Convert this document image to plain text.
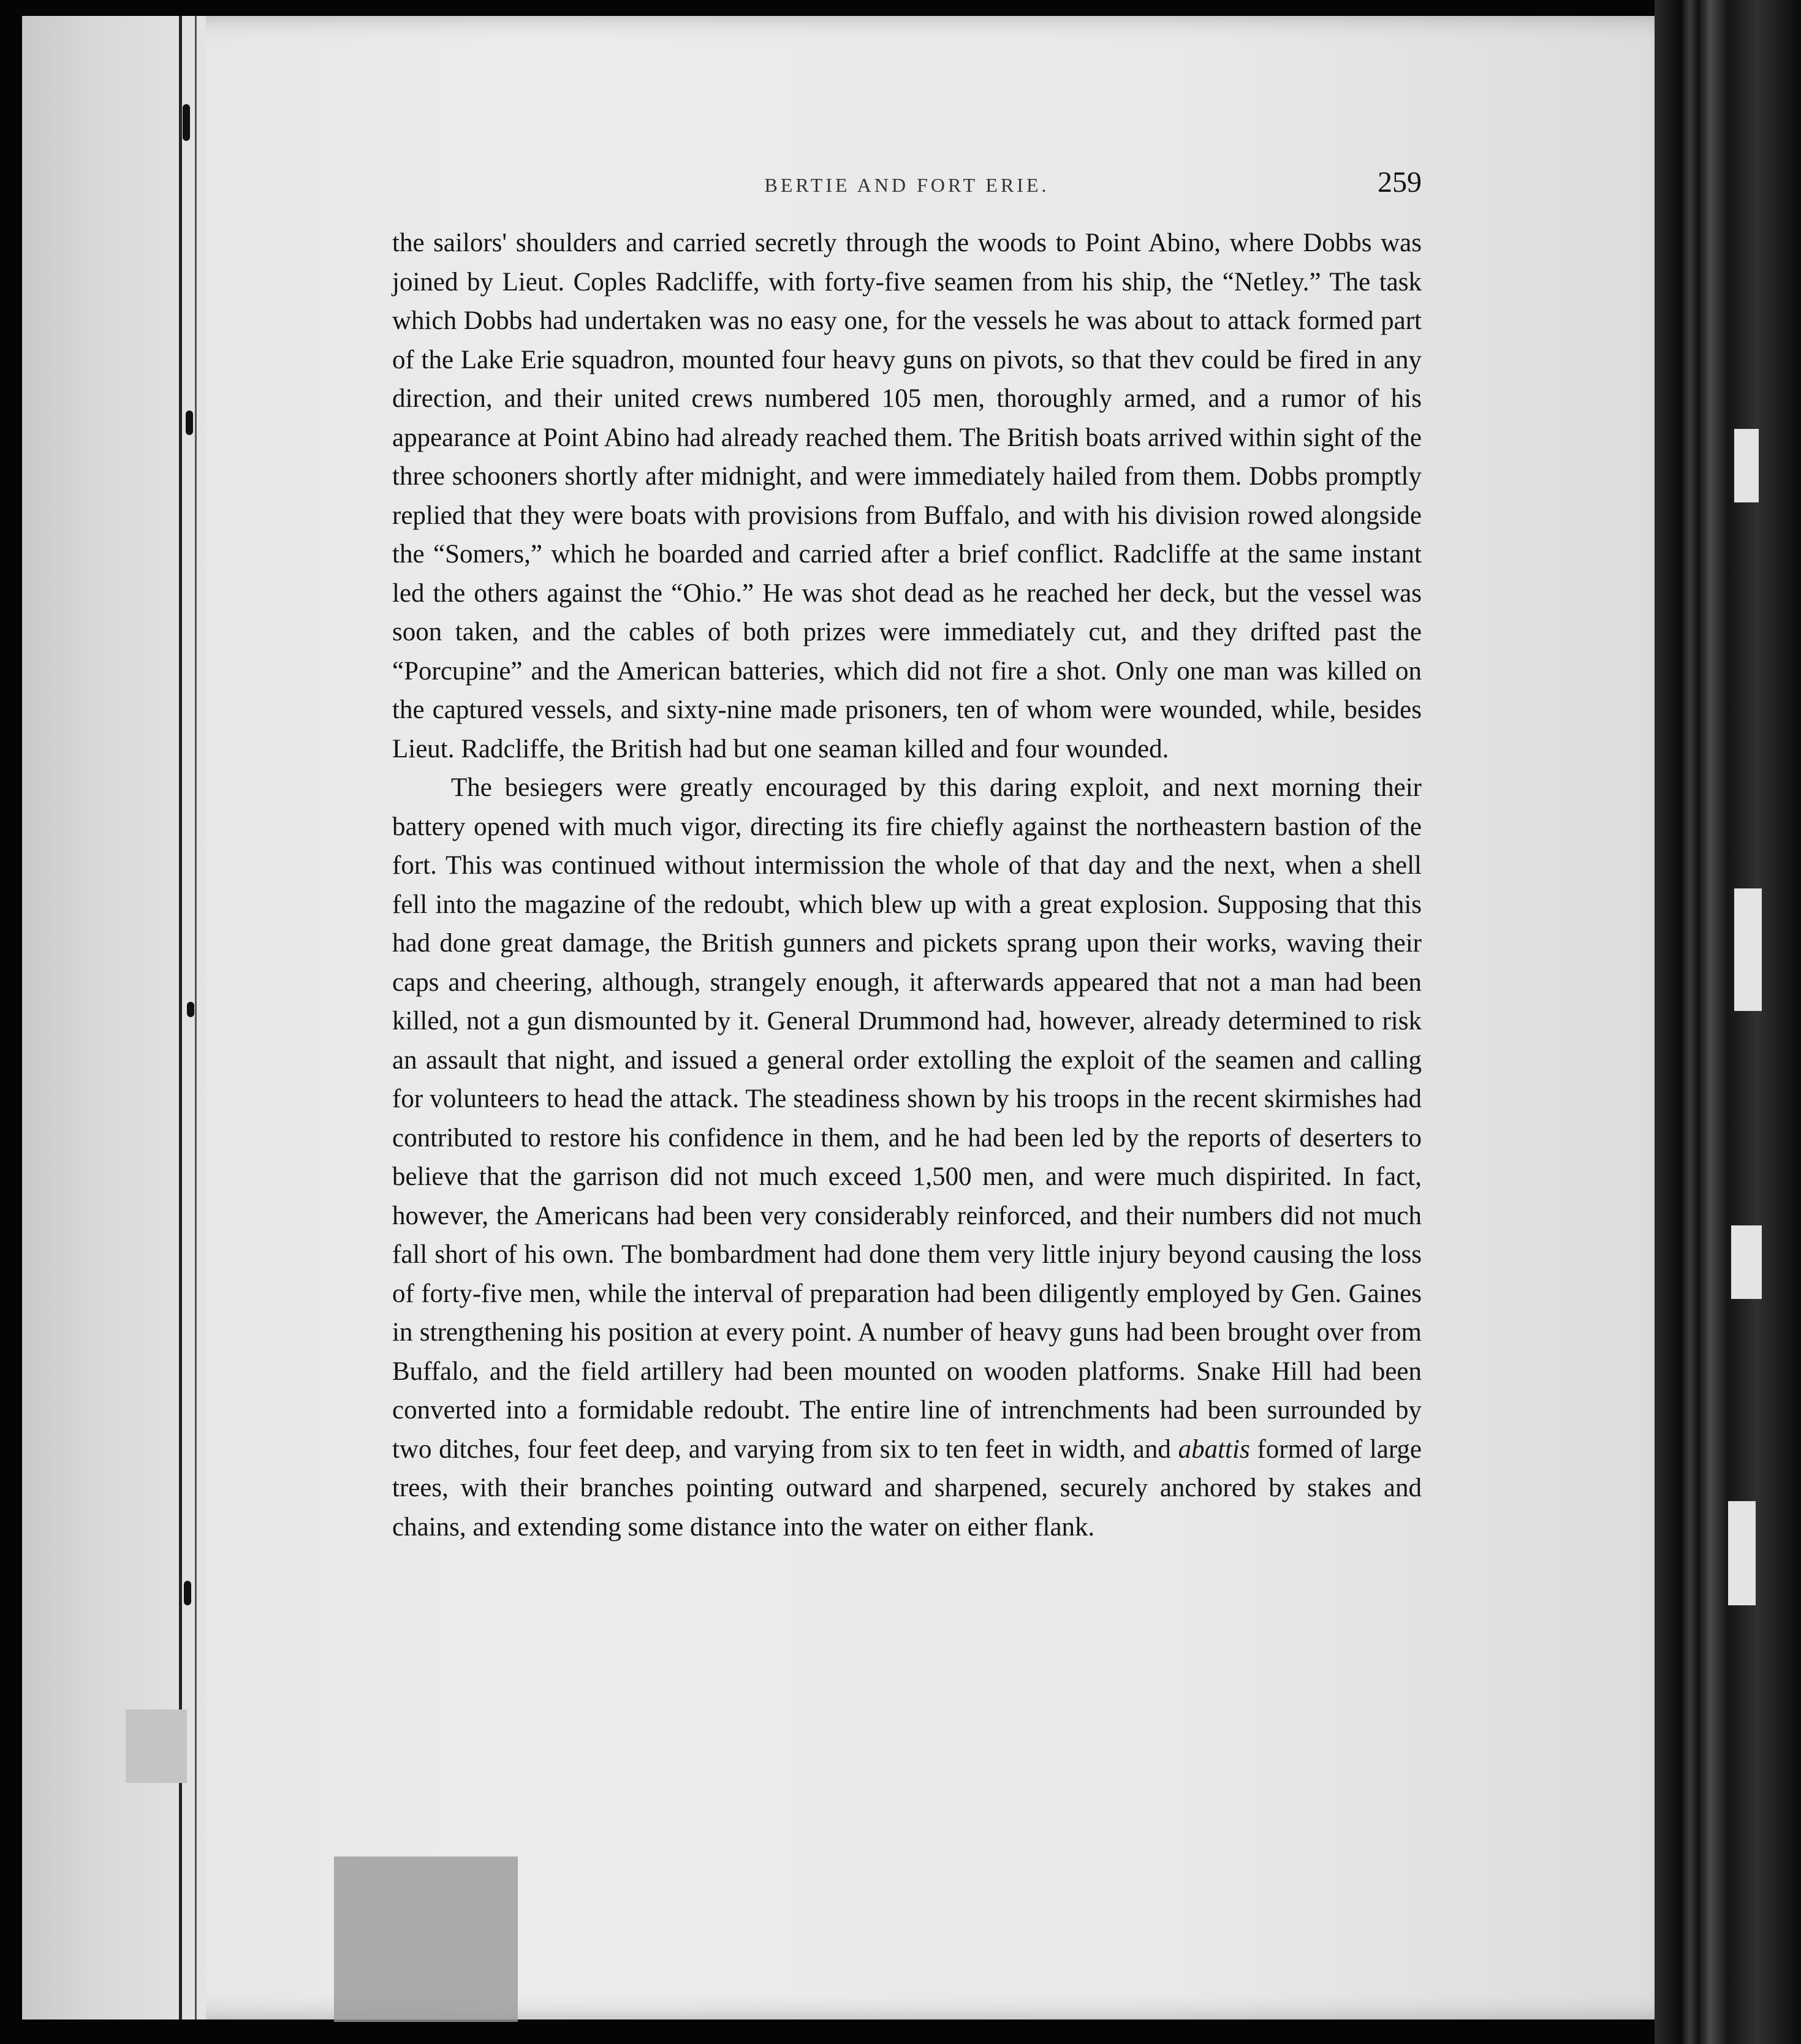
BERTIE AND FORT ERIE.	259

the sailors' shoulders and carried secretly through the woods to Point Abino, where Dobbs was joined by Lieut. Coples Radcliffe, with forty-five seamen from his ship, the “Netley.” The task which Dobbs had undertaken was no easy one, for the vessels he was about to attack formed part of the Lake Erie squadron, mounted four heavy guns on pivots, so that thev could be fired in any direction, and their united crews numbered 105 men, thoroughly armed, and a rumor of his appearance at Point Abino had already reached them. The British boats arrived within sight of the three schooners shortly after midnight, and were immediately hailed from them. Dobbs promptly replied that they were boats with provisions from Buffalo, and with his division rowed alongside the “Somers,” which he boarded and carried after a brief conflict. Radcliffe at the same instant led the others against the “Ohio.” He was shot dead as he reached her deck, but the vessel was soon taken, and the cables of both prizes were immediately cut, and they drifted past the “Porcupine” and the American batteries, which did not fire a shot. Only one man was killed on the captured vessels, and sixty-nine made prisoners, ten of whom were wounded, while, besides Lieut. Radcliffe, the British had but one seaman killed and four wounded.

The besiegers were greatly encouraged by this daring exploit, and next morning their battery opened with much vigor, directing its fire chiefly against the northeastern bastion of the fort. This was continued without intermission the whole of that day and the next, when a shell fell into the magazine of the redoubt, which blew up with a great explosion. Supposing that this had done great damage, the British gunners and pickets sprang upon their works, waving their caps and cheering, although, strangely enough, it afterwards appeared that not a man had been killed, not a gun dismounted by it. General Drummond had, however, already determined to risk an assault that night, and issued a general order extolling the exploit of the seamen and calling for volunteers to head the attack. The steadiness shown by his troops in the recent skirmishes had contributed to restore his confidence in them, and he had been led by the reports of deserters to believe that the garrison did not much exceed 1,500 men, and were much dispirited. In fact, however, the Americans had been very considerably reinforced, and their numbers did not much fall short of his own. The bombardment had done them very little injury beyond causing the loss of forty-five men, while the interval of preparation had been diligently employed by Gen. Gaines in strengthening his position at every point. A number of heavy guns had been brought over from Buffalo, and the field artillery had been mounted on wooden platforms. Snake Hill had been converted into a formidable redoubt. The entire line of intrenchments had been surrounded by two ditches, four feet deep, and varying from six to ten feet in width, and abattis formed of large trees, with their branches pointing outward and sharpened, securely anchored by stakes and chains, and extending some distance into the water on either flank.
